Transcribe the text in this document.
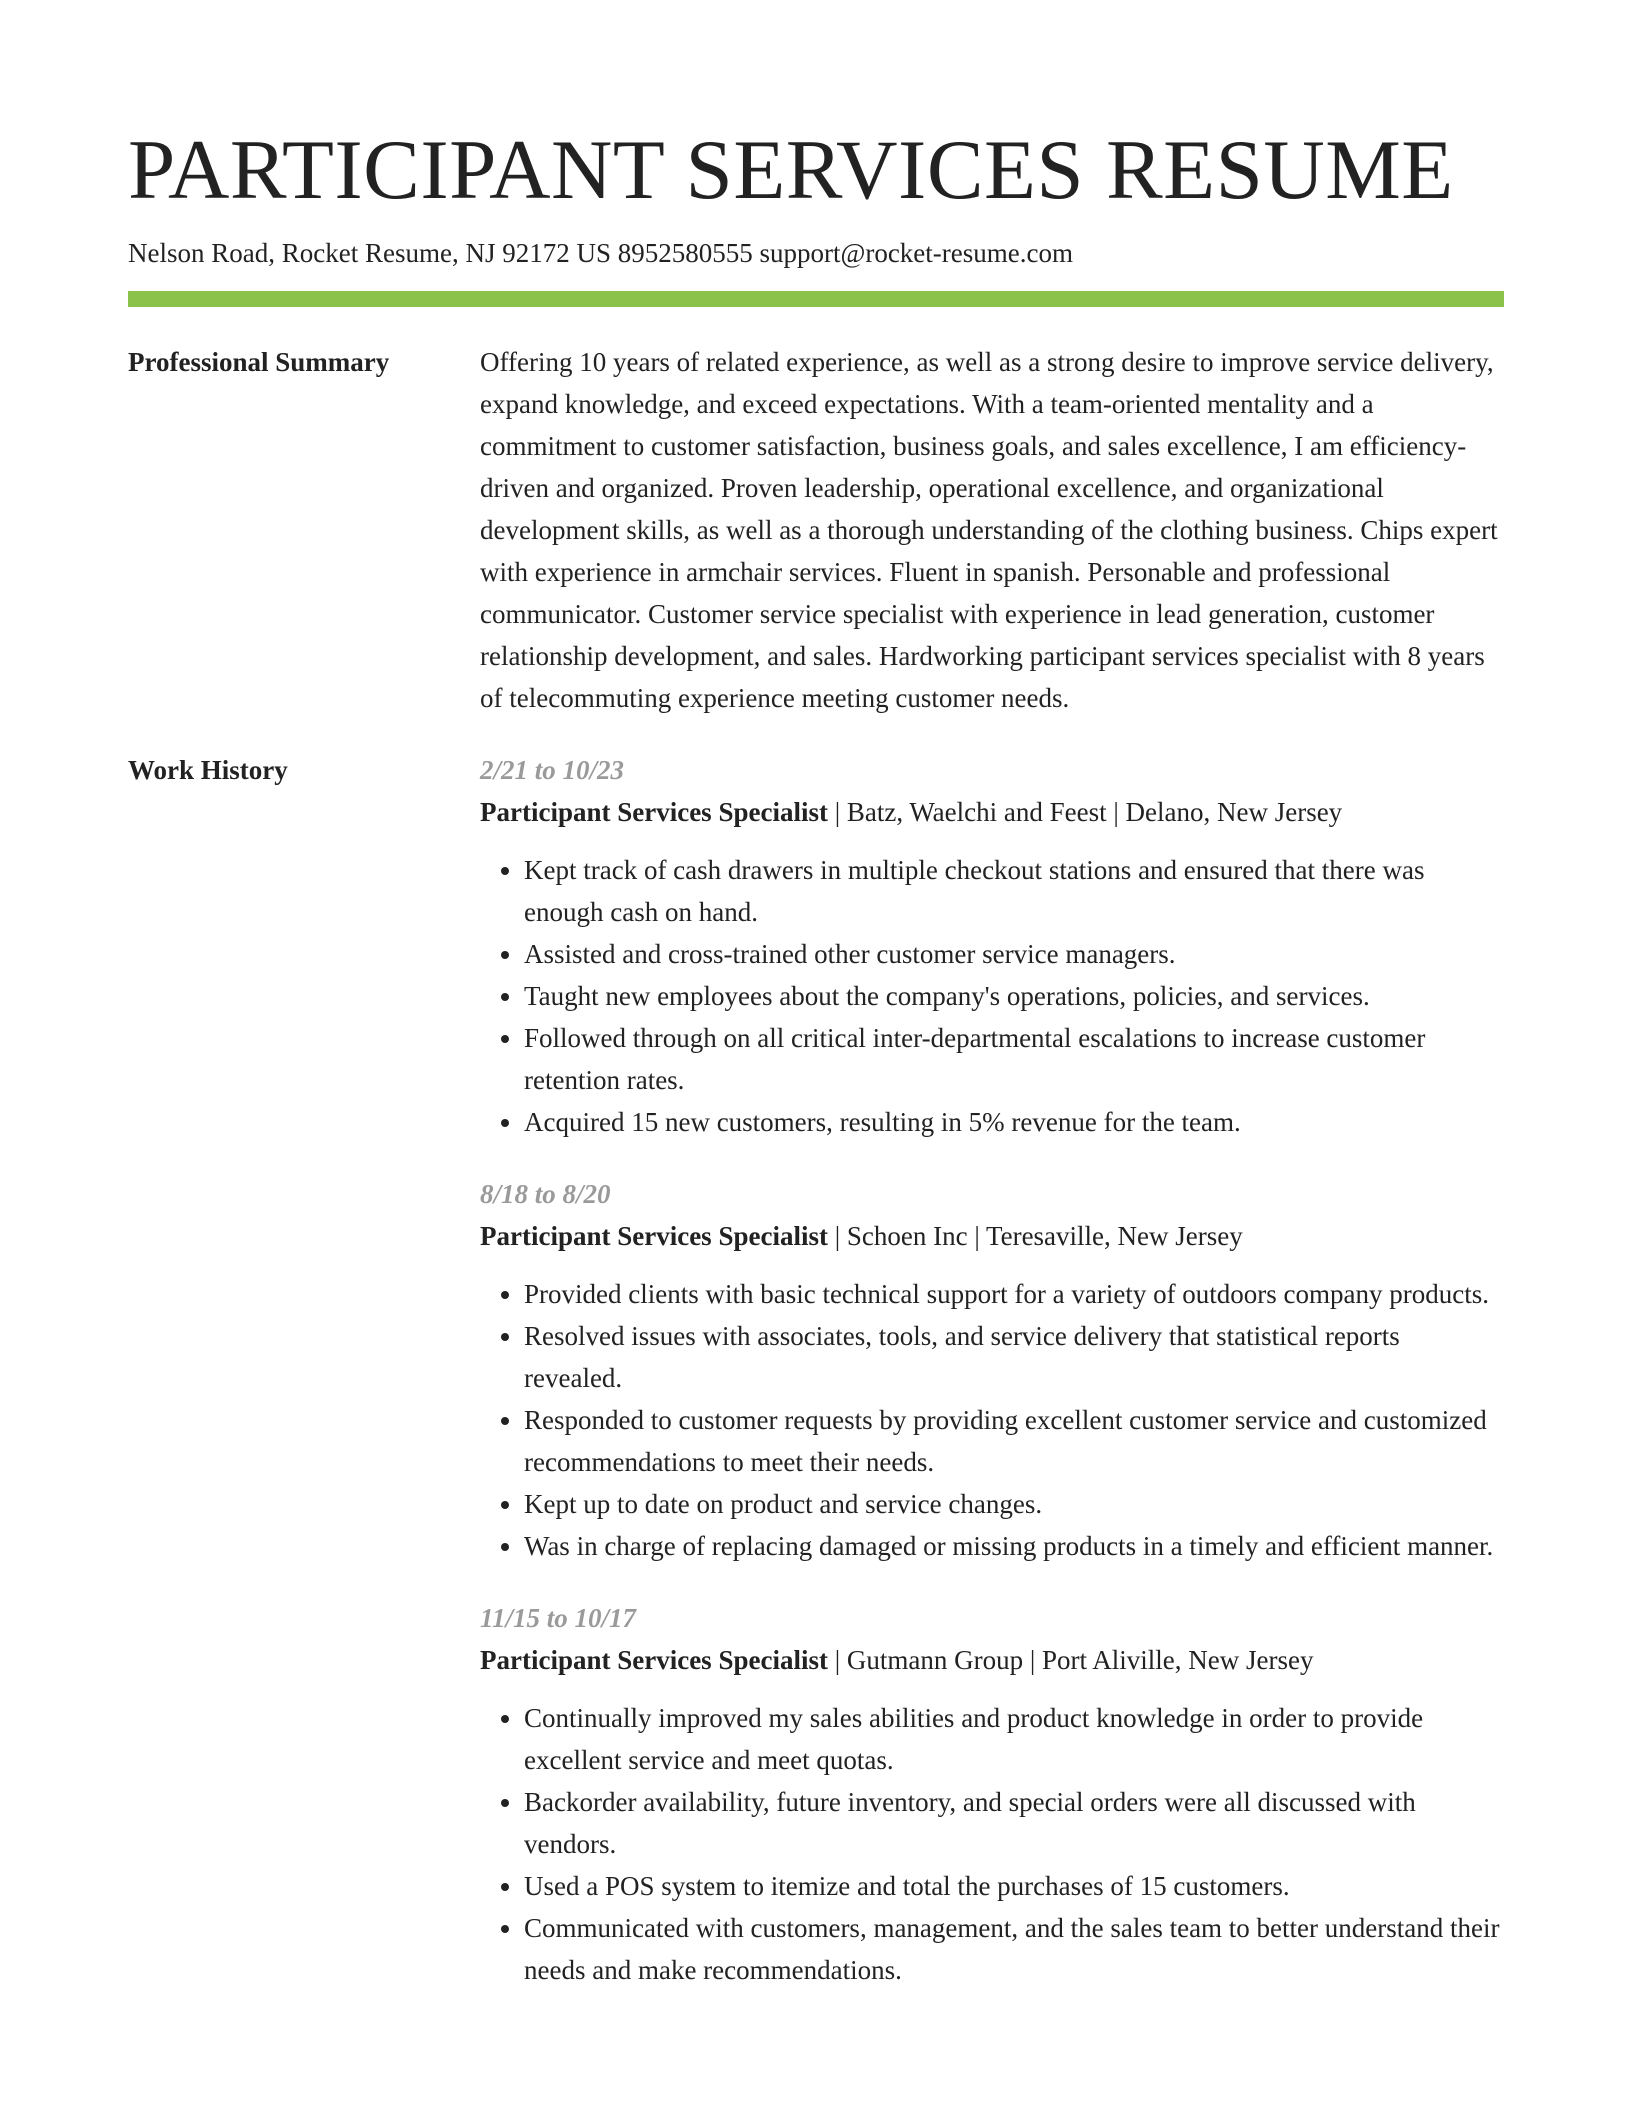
PARTICIPANT SERVICES RESUME
Nelson Road, Rocket Resume, NJ 92172 US 8952580555 support@rocket-resume.com
Professional Summary	Offering 10 years of related experience, as well as a strong desire to improve service delivery, expand knowledge, and exceed expectations. With a team-oriented mentality and a commitment to customer satisfaction, business goals, and sales excellence, I am efficiency-driven and organized. Proven leadership, operational excellence, and organizational development skills, as well as a thorough understanding of the clothing business. Chips expert with experience in armchair services. Fluent in spanish. Personable and professional communicator. Customer service specialist with experience in lead generation, customer relationship development, and sales. Hardworking participant services specialist with 8 years of telecommuting experience meeting customer needs.

Work History	2/21 to 10/23
Participant Services Specialist | Batz, Waelchi and Feest | Delano, New Jersey
• Kept track of cash drawers in multiple checkout stations and ensured that there was enough cash on hand.
• Assisted and cross-trained other customer service managers.
• Taught new employees about the company's operations, policies, and services.
• Followed through on all critical inter-departmental escalations to increase customer retention rates.
• Acquired 15 new customers, resulting in 5% revenue for the team.
8/18 to 8/20
Participant Services Specialist | Schoen Inc | Teresaville, New Jersey
• Provided clients with basic technical support for a variety of outdoors company products.
• Resolved issues with associates, tools, and service delivery that statistical reports revealed.
• Responded to customer requests by providing excellent customer service and customized recommendations to meet their needs.
• Kept up to date on product and service changes.
• Was in charge of replacing damaged or missing products in a timely and efficient manner.
11/15 to 10/17
Participant Services Specialist | Gutmann Group | Port Aliville, New Jersey
• Continually improved my sales abilities and product knowledge in order to provide excellent service and meet quotas.
• Backorder availability, future inventory, and special orders were all discussed with vendors.
• Used a POS system to itemize and total the purchases of 15 customers.
• Communicated with customers, management, and the sales team to better understand their needs and make recommendations.
